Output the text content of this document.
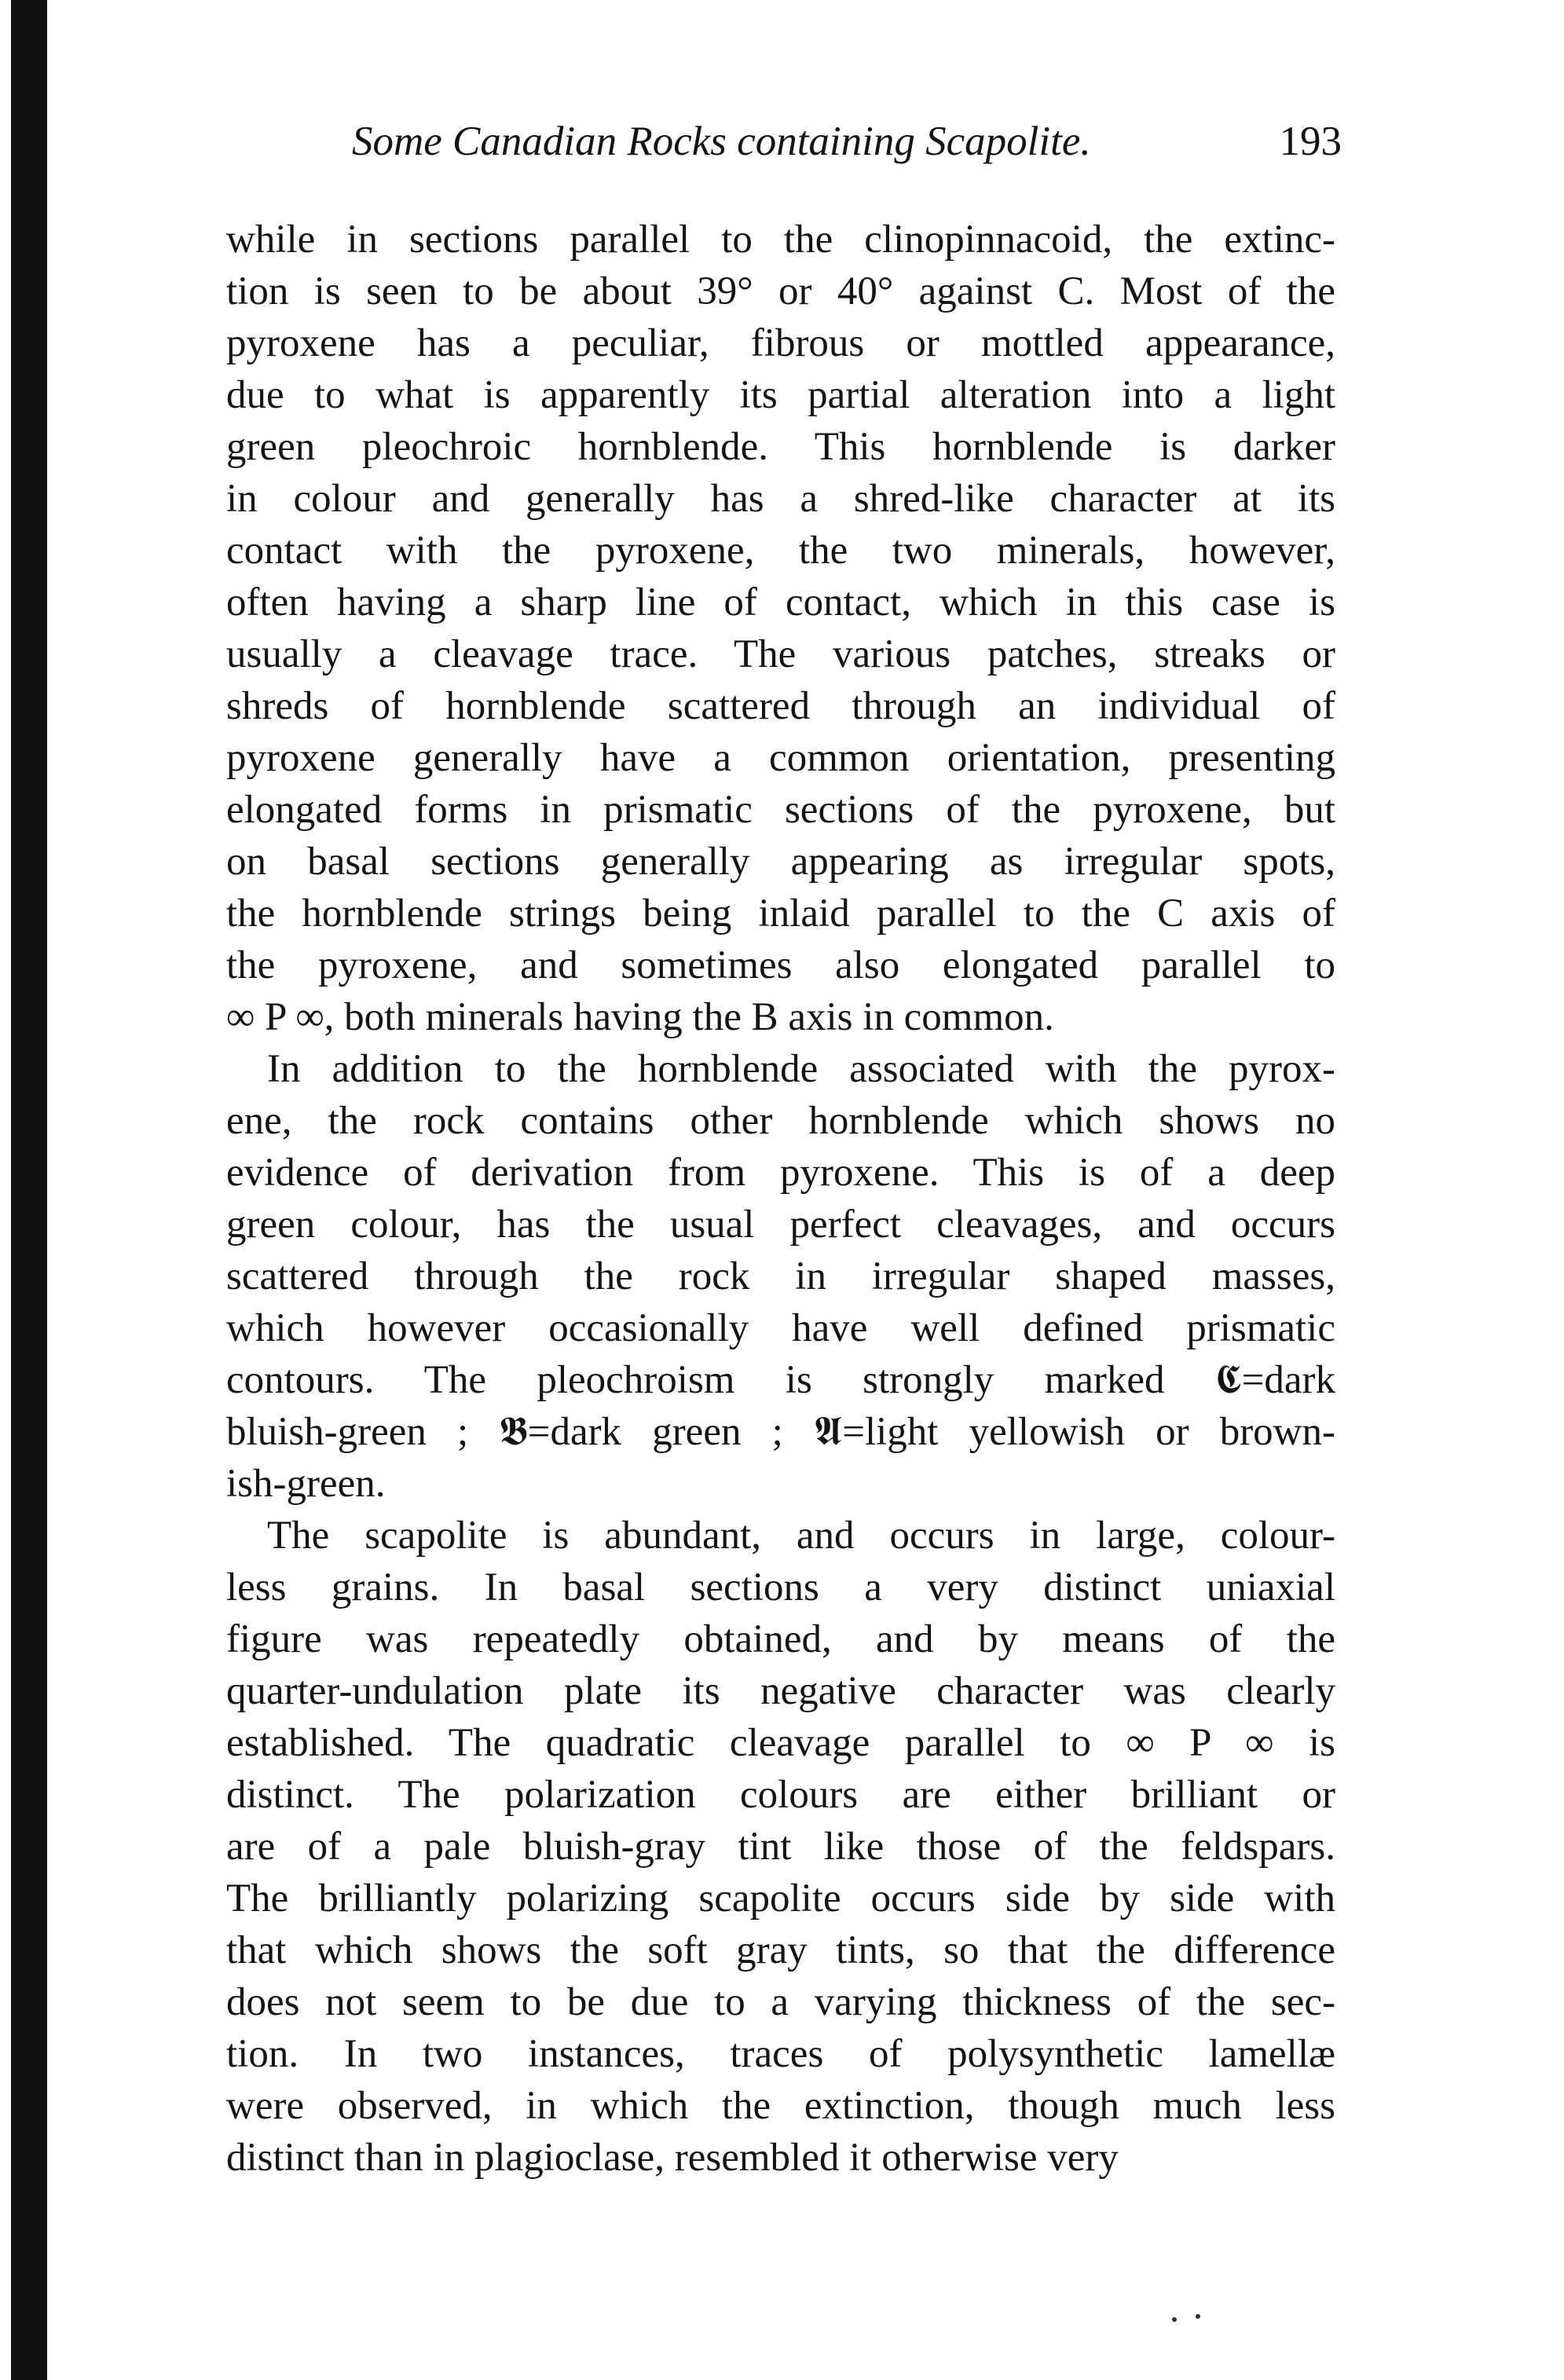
Some Canadian Rocks containing Scapolite.	193
while in sections parallel to the clinopinnacoid, the extinc-
tion is seen to be about 39° or 40° against C. Most of the
pyroxene has a peculiar, fibrous or mottled appearance,
due to what is apparently its partial alteration into a light
green pleochroic hornblende. This hornblende is darker
in colour and generally has a shred-like character at its
contact with the pyroxene, the two minerals, however,
often having a sharp line of contact, which in this case is
usually a cleavage trace. The various patches, streaks or
shreds of hornblende scattered through an individual of
pyroxene generally have a common orientation, presenting
elongated forms in prismatic sections of the pyroxene, but
on basal sections generally appearing as irregular spots,
the hornblende strings being inlaid parallel to the C axis of
the pyroxene, and sometimes also elongated parallel to
∞ P ∞, both minerals having the B axis in common.
In addition to the hornblende associated with the pyrox-
ene, the rock contains other hornblende which shows no
evidence of derivation from pyroxene. This is of a deep
green colour, has the usual perfect cleavages, and occurs
scattered through the rock in irregular shaped masses,
which however occasionally have well defined prismatic
contours. The pleochroism is strongly marked 𝕮=dark
bluish-green ; 𝕭=dark green ; 𝕬=light yellowish or brown-
ish-green.
The scapolite is abundant, and occurs in large, colour-
less grains. In basal sections a very distinct uniaxial
figure was repeatedly obtained, and by means of the
quarter-undulation plate its negative character was clearly
established. The quadratic cleavage parallel to ∞ P ∞ is
distinct. The polarization colours are either brilliant or
are of a pale bluish-gray tint like those of the feldspars.
The brilliantly polarizing scapolite occurs side by side with
that which shows the soft gray tints, so that the difference
does not seem to be due to a varying thickness of the sec-
tion. In two instances, traces of polysynthetic lamellæ
were observed, in which the extinction, though much less
distinct than in plagioclase, resembled it otherwise very
